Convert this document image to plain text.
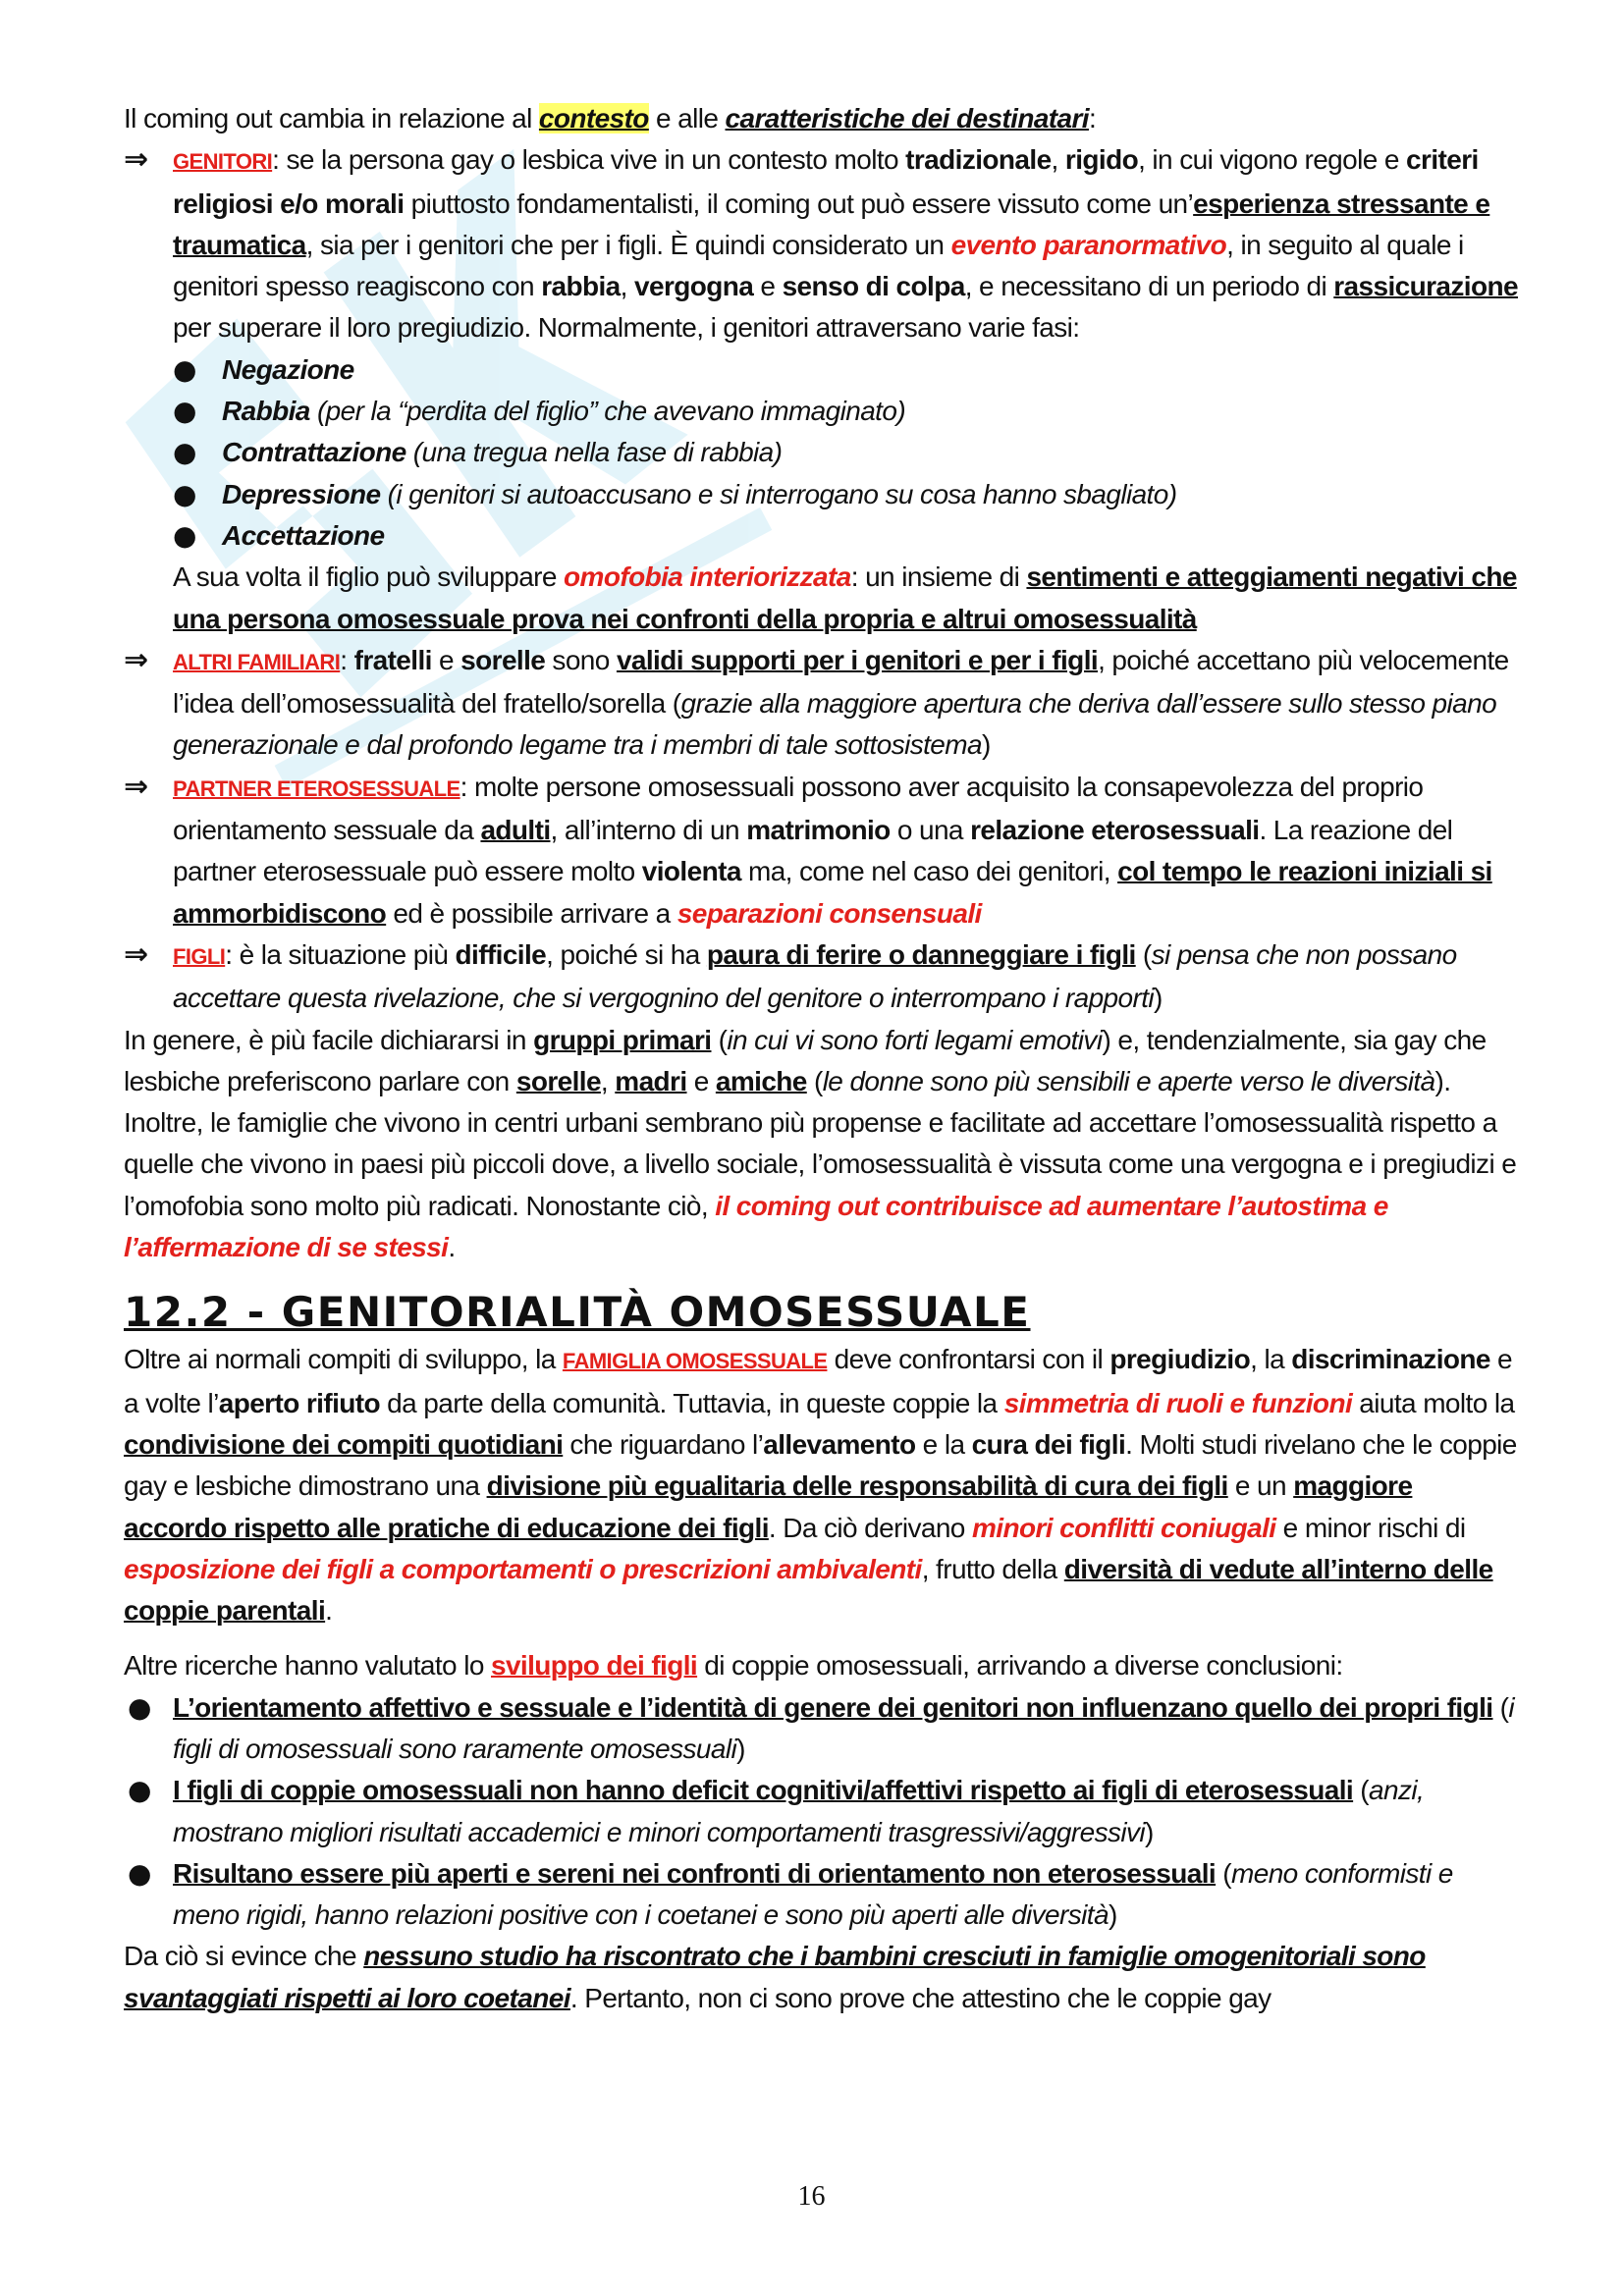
Il coming out cambia in relazione al contesto e alle caratteristiche dei destinatari:
⇒	GENITORI: se la persona gay o lesbica vive in un contesto molto tradizionale, rigido, in cui vigono regole e criteri religiosi e/o morali piuttosto fondamentalisti, il coming out può essere vissuto come un’esperienza stressante e traumatica, sia per i genitori che per i figli. È quindi considerato un evento paranormativo, in seguito al quale i genitori spesso reagiscono con rabbia, vergogna e senso di colpa, e necessitano di un periodo di rassicurazione per superare il loro pregiudizio. Normalmente, i genitori attraversano varie fasi:
● Negazione
● Rabbia (per la “perdita del figlio” che avevano immaginato)
● Contrattazione (una tregua nella fase di rabbia)
● Depressione (i genitori si autoaccusano e si interrogano su cosa hanno sbagliato)
● Accettazione
A sua volta il figlio può sviluppare omofobia interiorizzata: un insieme di sentimenti e atteggiamenti negativi che una persona omosessuale prova nei confronti della propria e altrui omosessualità
⇒	ALTRI FAMILIARI: fratelli e sorelle sono validi supporti per i genitori e per i figli, poiché accettano più velocemente l’idea dell’omosessualità del fratello/sorella (grazie alla maggiore apertura che deriva dall’essere sullo stesso piano generazionale e dal profondo legame tra i membri di tale sottosistema)
⇒	PARTNER ETEROSESSUALE: molte persone omosessuali possono aver acquisito la consapevolezza del proprio orientamento sessuale da adulti, all’interno di un matrimonio o una relazione eterosessuali. La reazione del partner eterosessuale può essere molto violenta ma, come nel caso dei genitori, col tempo le reazioni iniziali si ammorbidiscono ed è possibile arrivare a separazioni consensuali
⇒	FIGLI: è la situazione più difficile, poiché si ha paura di ferire o danneggiare i figli (si pensa che non possano accettare questa rivelazione, che si vergognino del genitore o interrompano i rapporti)
In genere, è più facile dichiararsi in gruppi primari (in cui vi sono forti legami emotivi) e, tendenzialmente, sia gay che lesbiche preferiscono parlare con sorelle, madri e amiche (le donne sono più sensibili e aperte verso le diversità). Inoltre, le famiglie che vivono in centri urbani sembrano più propense e facilitate ad accettare l’omosessualità rispetto a quelle che vivono in paesi più piccoli dove, a livello sociale, l’omosessualità è vissuta come una vergogna e i pregiudizi e l’omofobia sono molto più radicati. Nonostante ciò, il coming out contribuisce ad aumentare l’autostima e l’affermazione di se stessi.
12.2 - GENITORIALITÀ OMOSESSUALE
Oltre ai normali compiti di sviluppo, la FAMIGLIA OMOSESSUALE deve confrontarsi con il pregiudizio, la discriminazione e a volte l’aperto rifiuto da parte della comunità. Tuttavia, in queste coppie la simmetria di ruoli e funzioni aiuta molto la condivisione dei compiti quotidiani che riguardano l’allevamento e la cura dei figli. Molti studi rivelano che le coppie gay e lesbiche dimostrano una divisione più egualitaria delle responsabilità di cura dei figli e un maggiore accordo rispetto alle pratiche di educazione dei figli. Da ciò derivano minori conflitti coniugali e minor rischi di esposizione dei figli a comportamenti o prescrizioni ambivalenti, frutto della diversità di vedute all’interno delle coppie parentali.
Altre ricerche hanno valutato lo sviluppo dei figli di coppie omosessuali, arrivando a diverse conclusioni:
● L’orientamento affettivo e sessuale e l’identità di genere dei genitori non influenzano quello dei propri figli (i figli di omosessuali sono raramente omosessuali)
● I figli di coppie omosessuali non hanno deficit cognitivi/affettivi rispetto ai figli di eterosessuali (anzi, mostrano migliori risultati accademici e minori comportamenti trasgressivi/aggressivi)
● Risultano essere più aperti e sereni nei confronti di orientamento non eterosessuali (meno conformisti e meno rigidi, hanno relazioni positive con i coetanei e sono più aperti alle diversità)
Da ciò si evince che nessuno studio ha riscontrato che i bambini cresciuti in famiglie omogenitoriali sono svantaggiati rispetti ai loro coetanei. Pertanto, non ci sono prove che attestino che le coppie gay
16
